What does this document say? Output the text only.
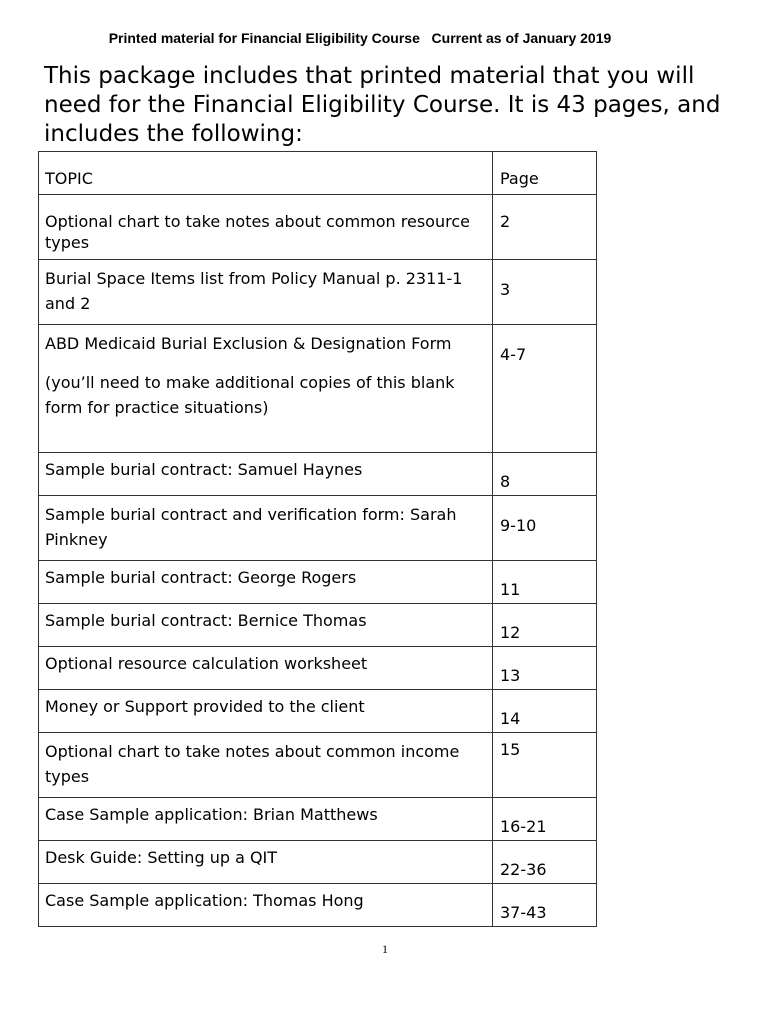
Printed material for Financial Eligibility Course   Current as of January 2019

This package includes that printed material that you will need for the Financial Eligibility Course. It is 43 pages, and includes the following:

TOPIC	Page

Optional chart to take notes about common resource types	2

Burial Space Items list from Policy Manual p. 2311-1 and 2	3

ABD Medicaid Burial Exclusion & Designation Form
(you’ll need to make additional copies of this blank form for practice situations)	4-7

Sample burial contract: Samuel Haynes	8

Sample burial contract and verification form: Sarah Pinkney	9-10

Sample burial contract: George Rogers	11

Sample burial contract: Bernice Thomas	12

Optional resource calculation worksheet	13

Money or Support provided to the client	14

Optional chart to take notes about common income types	15

Case Sample application: Brian Matthews	16-21

Desk Guide: Setting up a QIT	22-36

Case Sample application: Thomas Hong	37-43
1
